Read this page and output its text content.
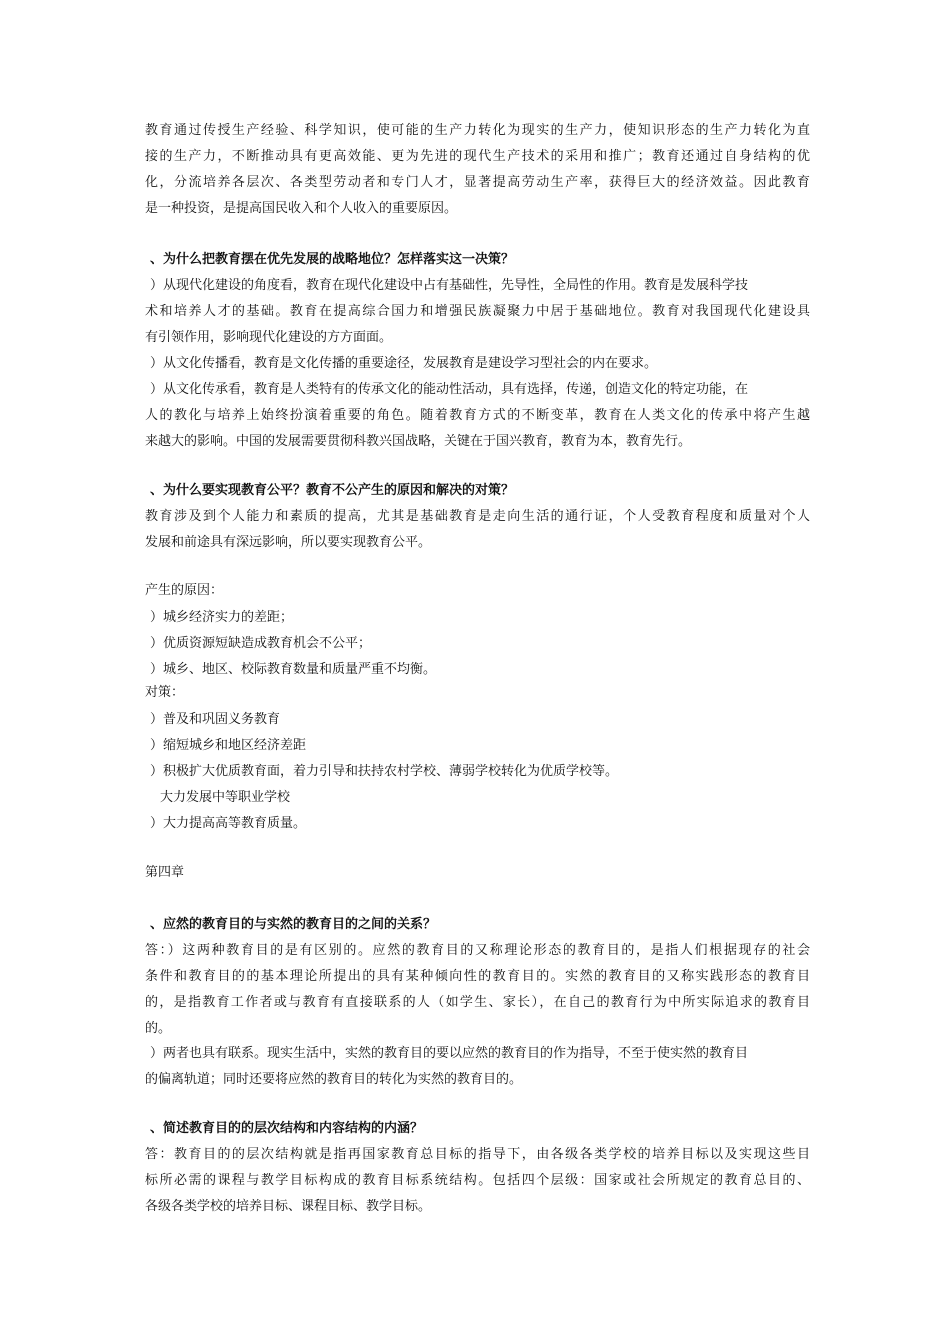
教育通过传授生产经验、科学知识，使可能的生产力转化为现实的生产力，使知识形态的生产力转化为直
接的生产力，不断推动具有更高效能、更为先进的现代生产技术的采用和推广；教育还通过自身结构的优
化，分流培养各层次、各类型劳动者和专门人才，显著提高劳动生产率，获得巨大的经济效益。因此教育
是一种投资，是提高国民收入和个人收入的重要原因。
、为什么把教育摆在优先发展的战略地位？怎样落实这一决策？
）从现代化建设的角度看，教育在现代化建设中占有基础性，先导性，全局性的作用。教育是发展科学技
术和培养人才的基础。教育在提高综合国力和增强民族凝聚力中居于基础地位。教育对我国现代化建设具
有引领作用，影响现代化建设的方方面面。
）从文化传播看，教育是文化传播的重要途径，发展教育是建设学习型社会的内在要求。
）从文化传承看，教育是人类特有的传承文化的能动性活动，具有选择，传递，创造文化的特定功能，在
人的教化与培养上始终扮演着重要的角色。随着教育方式的不断变革，教育在人类文化的传承中将产生越
来越大的影响。中国的发展需要贯彻科教兴国战略，关键在于国兴教育，教育为本，教育先行。
、为什么要实现教育公平？教育不公产生的原因和解决的对策？
教育涉及到个人能力和素质的提高，尤其是基础教育是走向生活的通行证，个人受教育程度和质量对个人
发展和前途具有深远影响，所以要实现教育公平。
产生的原因：
）城乡经济实力的差距；
）优质资源短缺造成教育机会不公平；
）城乡、地区、校际教育数量和质量严重不均衡。
对策：
）普及和巩固义务教育
）缩短城乡和地区经济差距
）积极扩大优质教育面，着力引导和扶持农村学校、薄弱学校转化为优质学校等。
大力发展中等职业学校
）大力提高高等教育质量。
第四章
、应然的教育目的与实然的教育目的之间的关系？
答：）这两种教育目的是有区别的。应然的教育目的又称理论形态的教育目的，是指人们根据现存的社会
条件和教育目的的基本理论所提出的具有某种倾向性的教育目的。实然的教育目的又称实践形态的教育目
的，是指教育工作者或与教育有直接联系的人（如学生、家长），在自己的教育行为中所实际追求的教育目
的。
）两者也具有联系。现实生活中，实然的教育目的要以应然的教育目的作为指导，不至于使实然的教育目
的偏离轨道；同时还要将应然的教育目的转化为实然的教育目的。
、简述教育目的的层次结构和内容结构的内涵？
答：教育目的的层次结构就是指再国家教育总目标的指导下，由各级各类学校的培养目标以及实现这些目
标所必需的课程与教学目标构成的教育目标系统结构。包括四个层级：国家或社会所规定的教育总目的、
各级各类学校的培养目标、课程目标、教学目标。
